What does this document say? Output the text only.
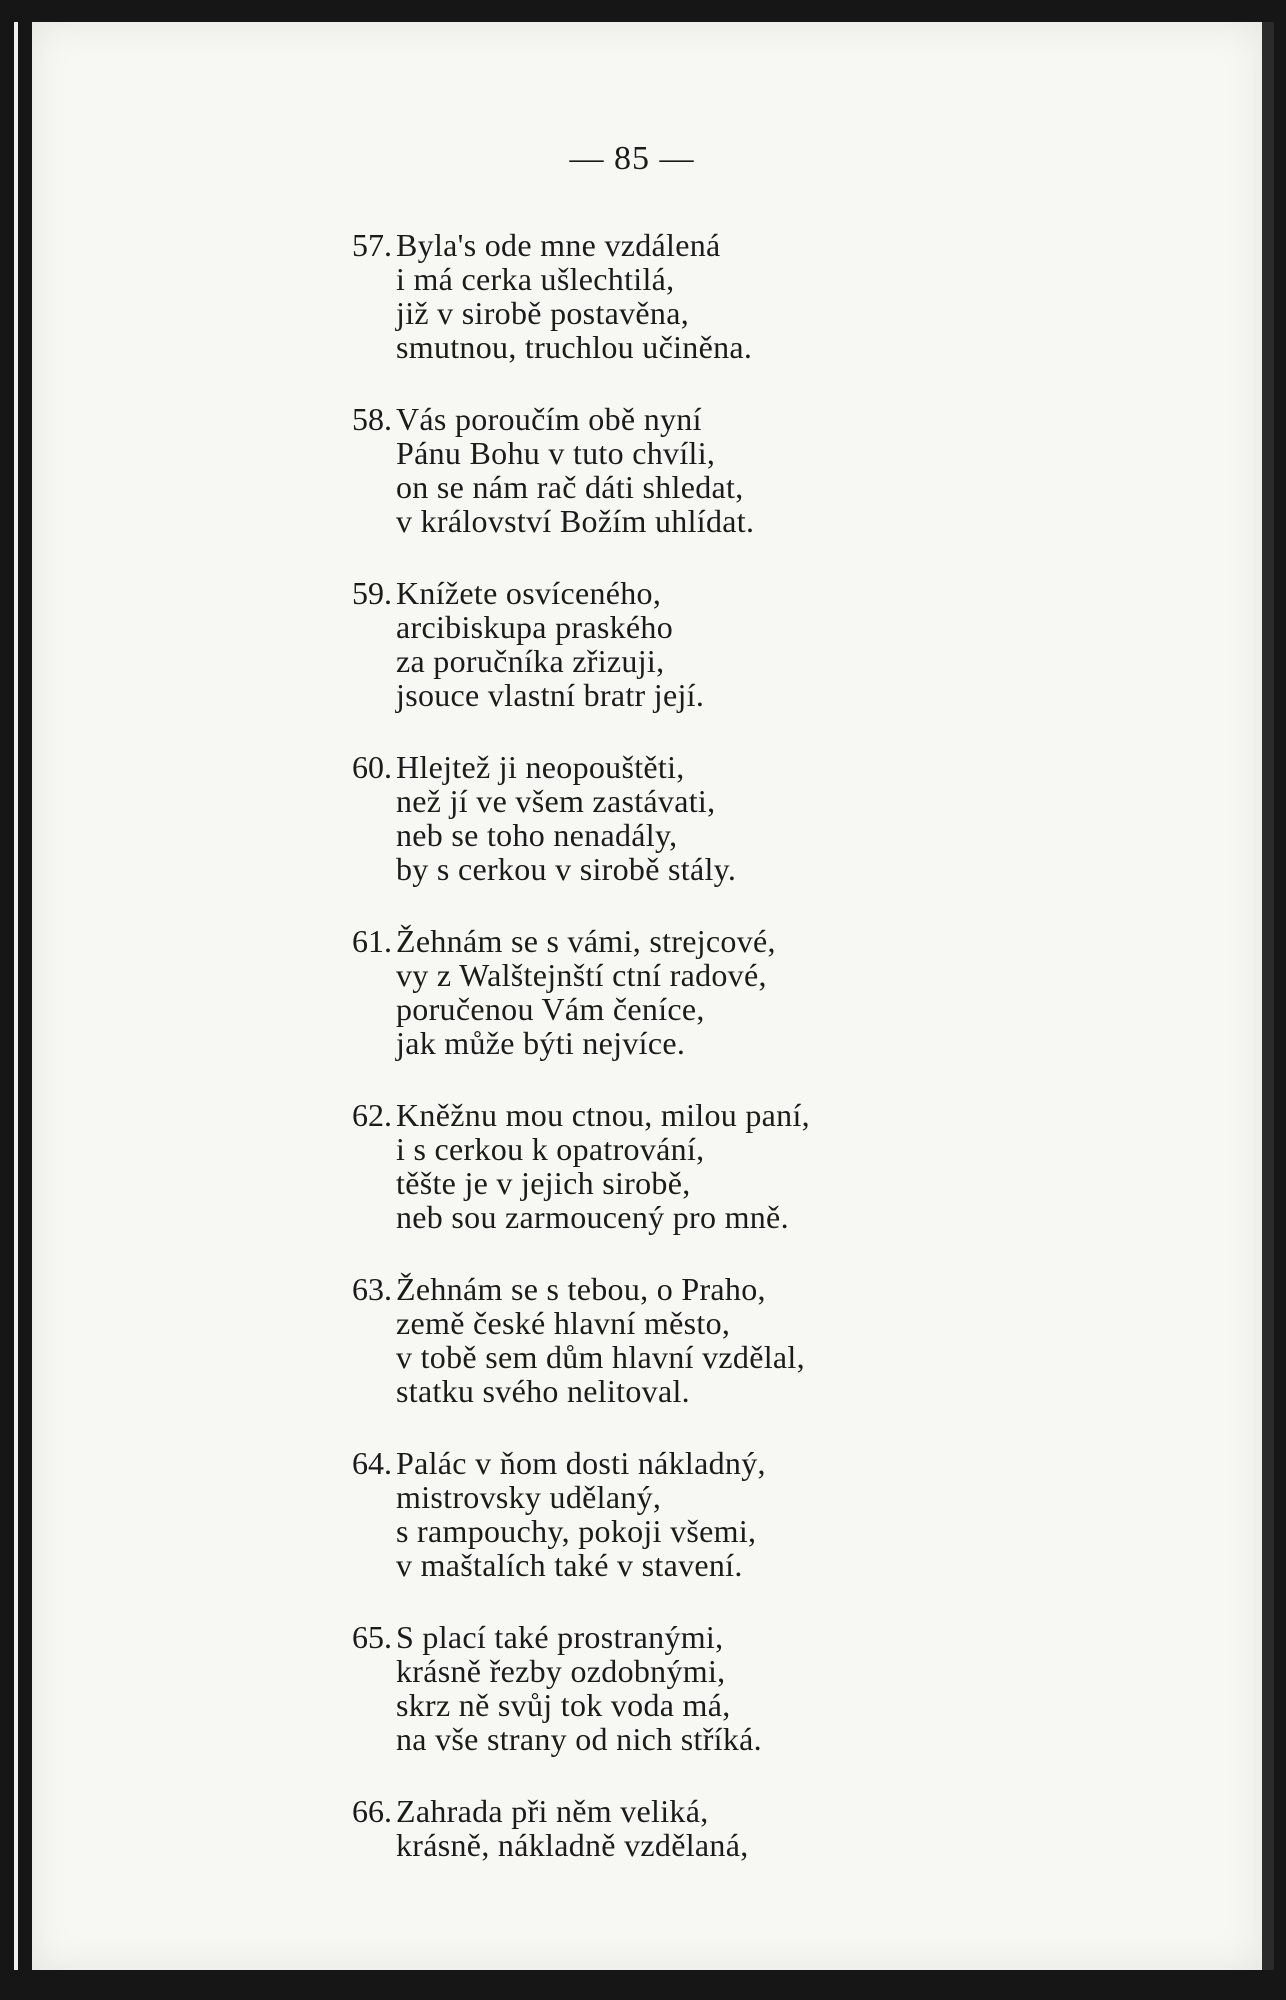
— 85 —
57. Byla's ode mne vzdálená
i má cerka ušlechtilá,
již v sirobě postavěna,
smutnou, truchlou učiněna.
58. Vás poroučím obě nyní
Pánu Bohu v tuto chvíli,
on se nám rač dáti shledat,
v království Božím uhlídat.
59. Knížete osvíceného,
arcibiskupa praského
za poručníka zřizuji,
jsouce vlastní bratr její.
60. Hlejtež ji neopouštěti,
než jí ve všem zastávati,
neb se toho nenadály,
by s cerkou v sirobě stály.
61. Žehnám se s vámi, strejcové,
vy z Walštejnští ctní radové,
poručenou Vám čeníce,
jak může býti nejvíce.
62. Kněžnu mou ctnou, milou paní,
i s cerkou k opatrování,
těšte je v jejich sirobě,
neb sou zarmoucený pro mně.
63. Žehnám se s tebou, o Praho,
země české hlavní město,
v tobě sem dům hlavní vzdělal,
statku svého nelitoval.
64. Palác v ňom dosti nákladný,
mistrovsky udělaný,
s rampouchy, pokoji všemi,
v maštalích také v stavení.
65. S plací také prostranými,
krásně řezby ozdobnými,
skrz ně svůj tok voda má,
na vše strany od nich stříká.
66. Zahrada při něm veliká,
krásně, nákladně vzdělaná,
